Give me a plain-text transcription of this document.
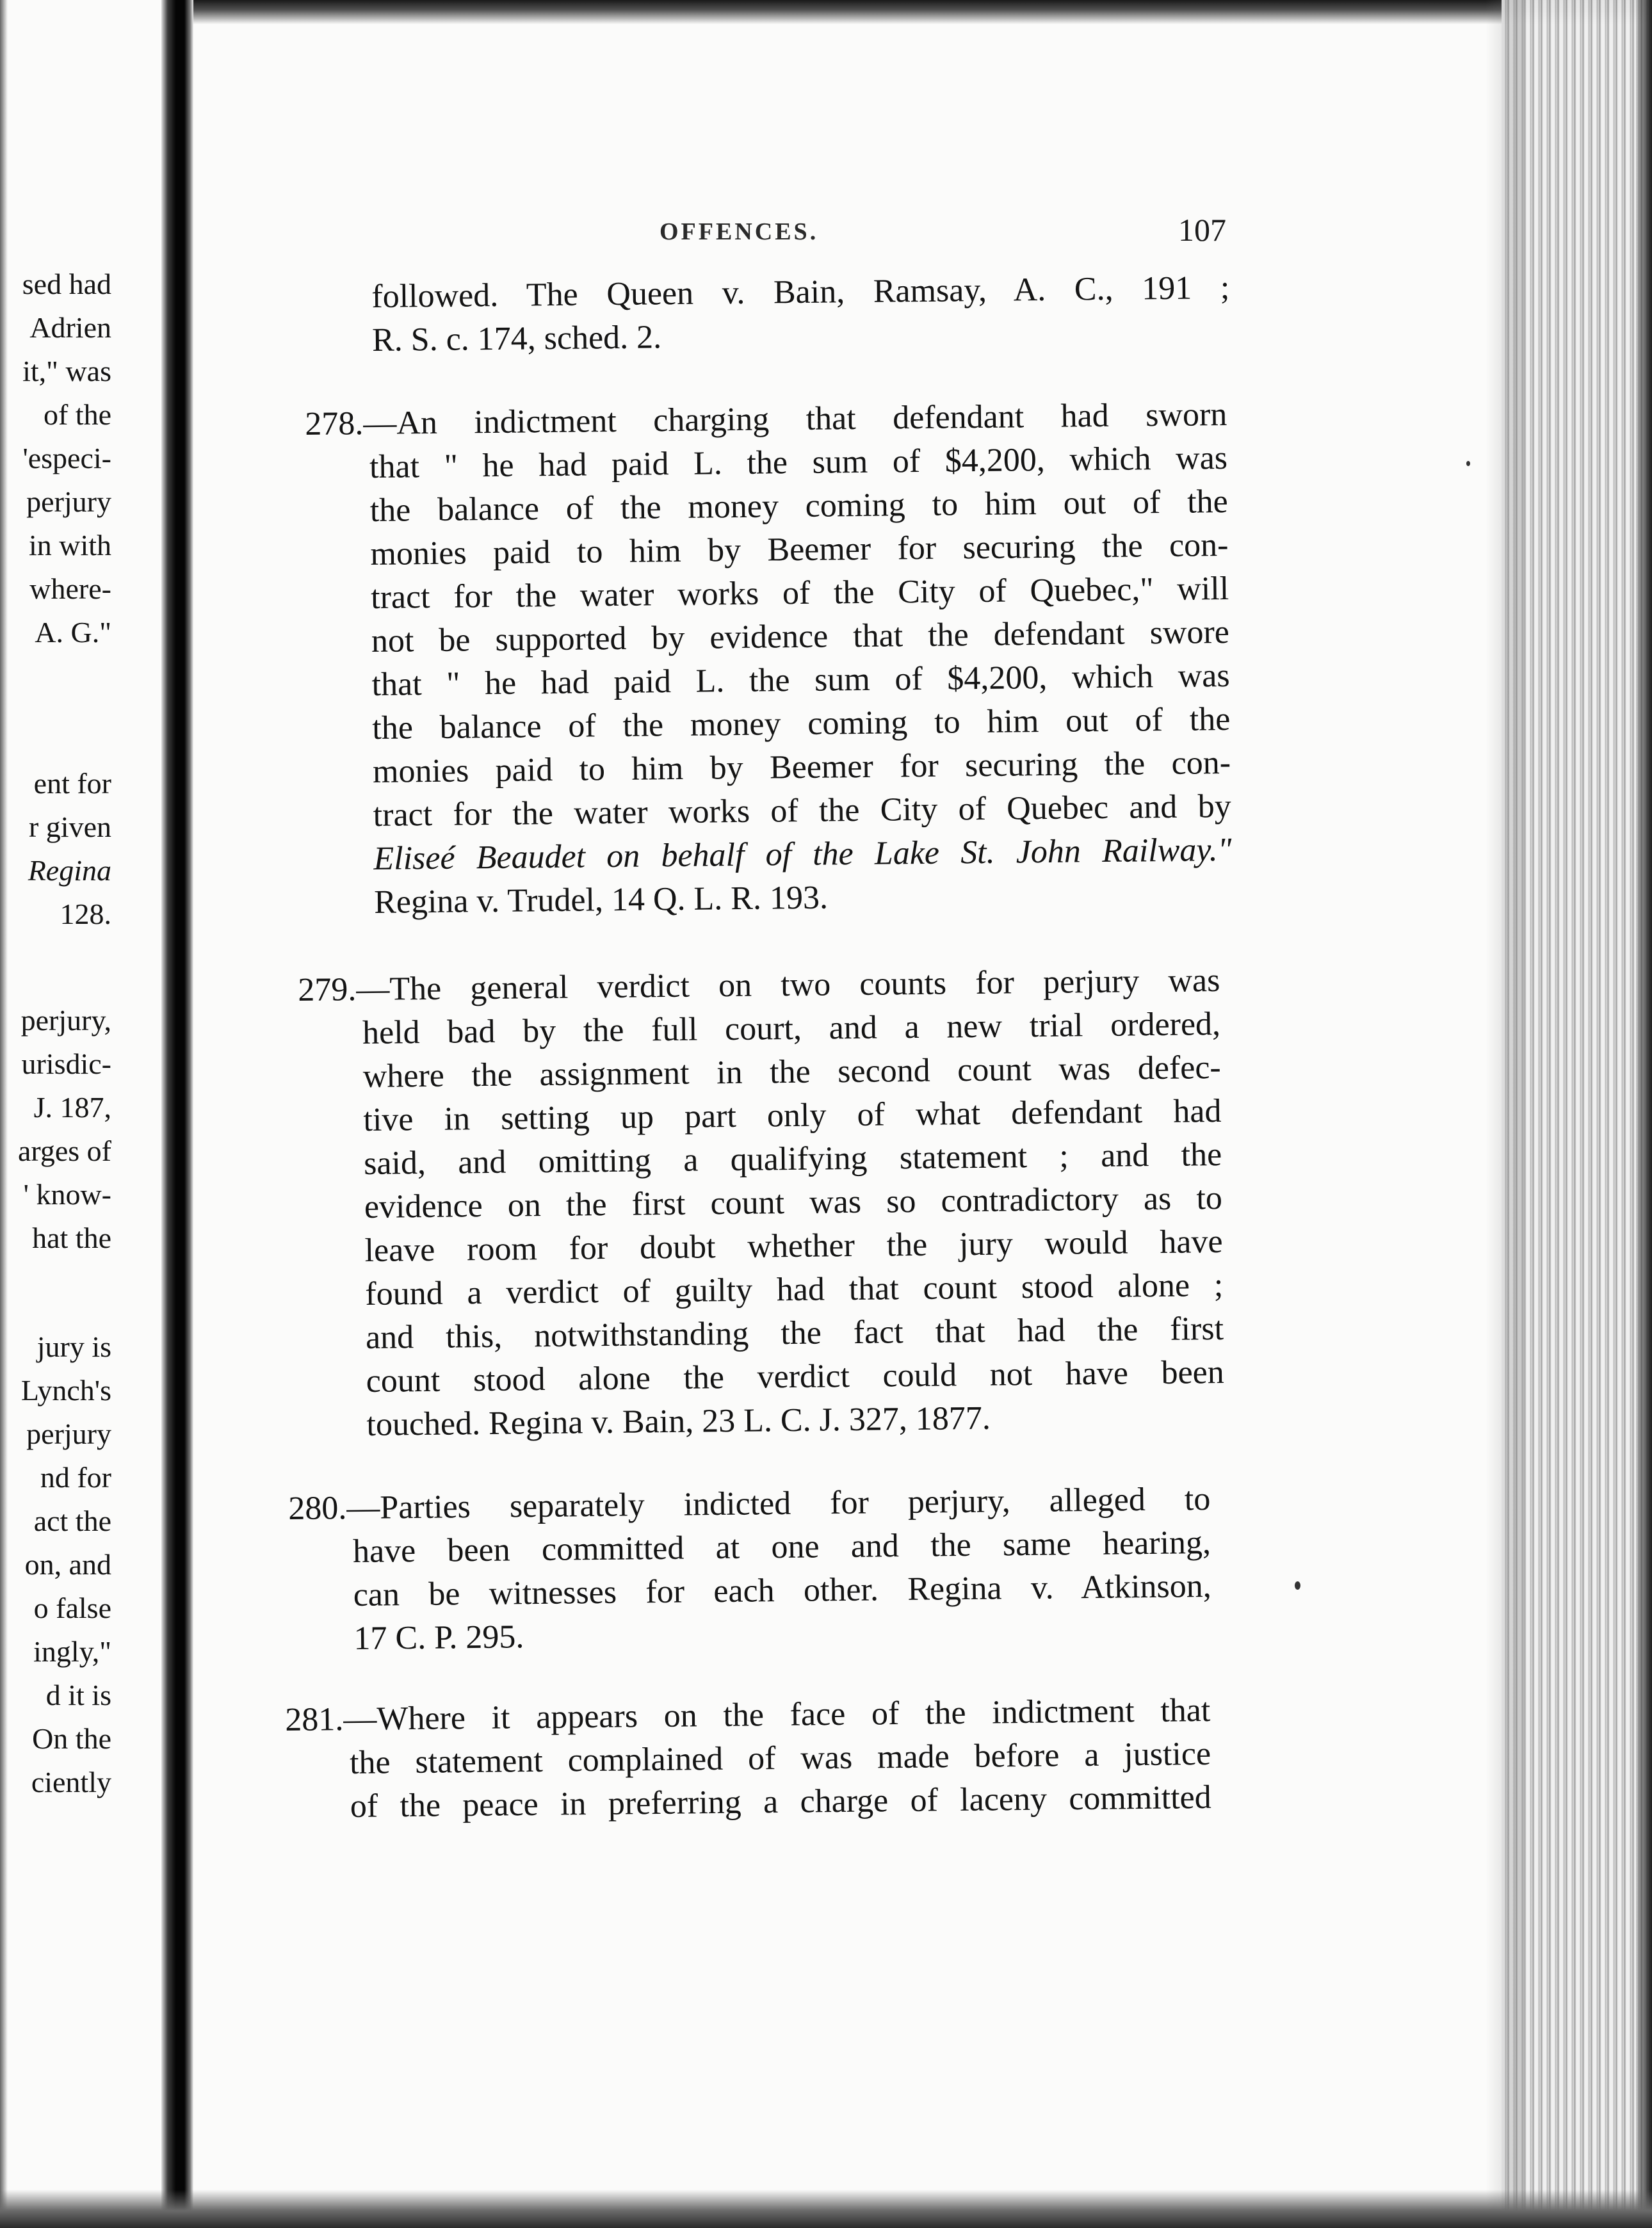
sed had
Adrien
it," was
of the
'especi-
perjury
in with
where-
A. G."
ent for
r given
Regina
128.
perjury,
urisdic-
J. 187,
arges of
' know-
hat the
jury is
Lynch's
perjury
nd for
act the
on, and
o false
ingly,"
d it is
On the
ciently
OFFENCES.	107
followed. The Queen v. Bain, Ramsay, A. C., 191 ;
R. S. c. 174, sched. 2.
278.—An indictment charging that defendant had sworn
that " he had paid L. the sum of $4,200, which was
the balance of the money coming to him out of the
monies paid to him by Beemer for securing the con-
tract for the water works of the City of Quebec," will
not be supported by evidence that the defendant swore
that " he had paid L. the sum of $4,200, which was
the balance of the money coming to him out of the
monies paid to him by Beemer for securing the con-
tract for the water works of the City of Quebec and by
Eliseé Beaudet on behalf of the Lake St. John Railway."
Regina v. Trudel, 14 Q. L. R. 193.
279.—The general verdict on two counts for perjury was
held bad by the full court, and a new trial ordered,
where the assignment in the second count was defec-
tive in setting up part only of what defendant had
said, and omitting a qualifying statement ; and the
evidence on the first count was so contradictory as to
leave room for doubt whether the jury would have
found a verdict of guilty had that count stood alone ;
and this, notwithstanding the fact that had the first
count stood alone the verdict could not have been
touched. Regina v. Bain, 23 L. C. J. 327, 1877.
280.—Parties separately indicted for perjury, alleged to
have been committed at one and the same hearing,
can be witnesses for each other. Regina v. Atkinson,
17 C. P. 295.
281.—Where it appears on the face of the indictment that
the statement complained of was made before a justice
of the peace in preferring a charge of laceny committed
